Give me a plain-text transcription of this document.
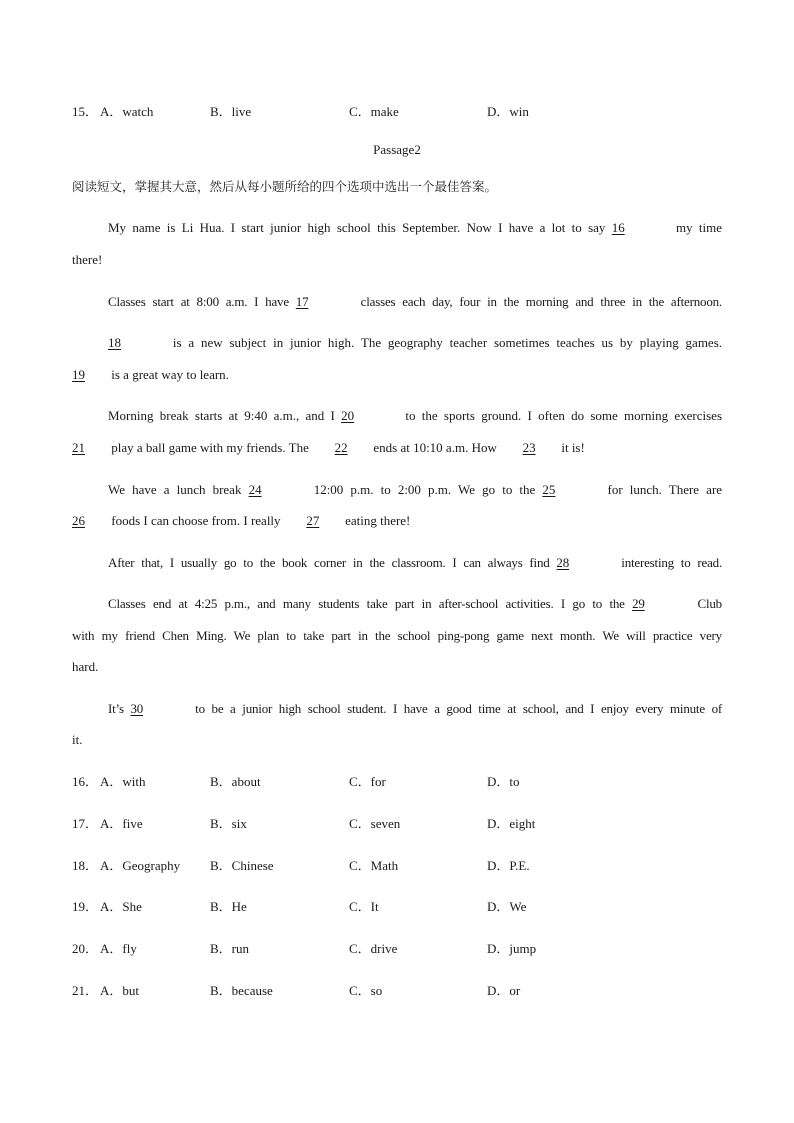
15． A．watch	B．live	C．make	D．win
Passage2
阅读短文，掌握其大意，然后从每小题所给的四个选项中选出一个最佳答案。
My name is Li Hua. I start junior high school this September. Now I have a lot to say 16	my time
there!
Classes start at 8:00 a.m. I have 17	classes each day, four in the morning and three in the afternoon.
18	is a new subject in junior high. The geography teacher sometimes teaches us by playing games.
19 is a great way to learn.
Morning break starts at 9:40 a.m., and I 20	to the sports ground. I often do some morning exercises
21 play a ball game with my friends. The 22 ends at 10:10 a.m. How 23 it is!
We have a lunch break 24	12:00 p.m. to 2:00 p.m. We go to the 25	for lunch. There are
26 foods I can choose from. I really 27 eating there!
After that, I usually go to the book corner in the classroom. I can always find 28	interesting to read.
Classes end at 4:25 p.m., and many students take part in after-school activities. I go to the 29	Club
with my friend Chen Ming. We plan to take part in the school ping-pong game next month. We will practice very
hard.
It’s 30	to be a junior high school student. I have a good time at school, and I enjoy every minute of
it.
16． A．with	B．about	C．for	D．to
17． A．five	B．six	C．seven	D．eight
18． A．Geography B．Chinese	C．Math	D．P.E.
19． A．She	B．He	C．It	D．We
20． A．fly	B．run	C．drive	D．jump
21． A．but	B．because	C．so	D．or
